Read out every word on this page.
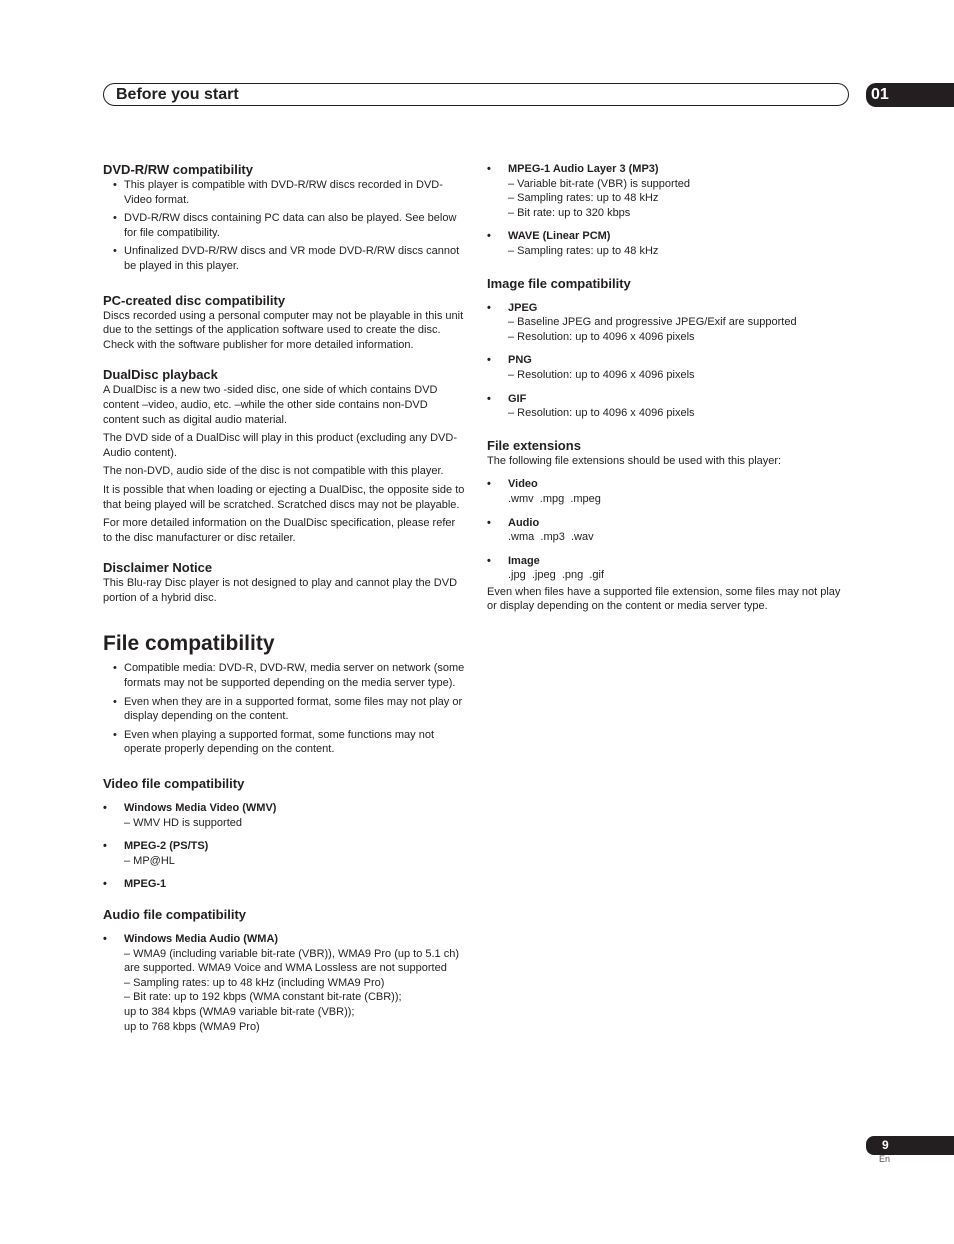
Before you start	01
DVD-R/RW compatibility
• This player is compatible with DVD-R/RW discs recorded in DVD-Video format.
• DVD-R/RW discs containing PC data can also be played. See below for file compatibility.
• Unfinalized DVD-R/RW discs and VR mode DVD-R/RW discs cannot be played in this player.
PC-created disc compatibility

Discs recorded using a personal computer may not be playable in this unit due to the settings of the application software used to create the disc. Check with the software publisher for more detailed information.

DualDisc playback

A DualDisc is a new two -sided disc, one side of which contains DVD content –video, audio, etc. –while the other side contains non-DVD content such as digital audio material.

The DVD side of a DualDisc will play in this product (excluding any DVD-Audio content).

The non-DVD, audio side of the disc is not compatible with this player.

It is possible that when loading or ejecting a DualDisc, the opposite side to that being played will be scratched. Scratched discs may not be playable.

For more detailed information on the DualDisc specification, please refer to the disc manufacturer or disc retailer.

Disclaimer Notice

This Blu-ray Disc player is not designed to play and cannot play the DVD portion of a hybrid disc.

File compatibility
• Compatible media: DVD-R, DVD-RW, media server on network (some formats may not be supported depending on the media server type).
• Even when they are in a supported format, some files may not play or display depending on the content.
• Even when playing a supported format, some functions may not operate properly depending on the content.
Video file compatibility
• Windows Media Video (WMV)
– WMV HD is supported
• MPEG-2 (PS/TS)
– MP@HL
• MPEG-1
Audio file compatibility
• Windows Media Audio (WMA)
– WMA9 (including variable bit-rate (VBR)), WMA9 Pro (up to 5.1 ch) are supported. WMA9 Voice and WMA Lossless are not supported
– Sampling rates: up to 48 kHz (including WMA9 Pro)
– Bit rate: up to 192 kbps (WMA constant bit-rate (CBR));
up to 384 kbps (WMA9 variable bit-rate (VBR));
up to 768 kbps (WMA9 Pro)
• MPEG-1 Audio Layer 3 (MP3)
– Variable bit-rate (VBR) is supported
– Sampling rates: up to 48 kHz
– Bit rate: up to 320 kbps
• WAVE (Linear PCM)
– Sampling rates: up to 48 kHz
Image file compatibility
• JPEG
– Baseline JPEG and progressive JPEG/Exif are supported
– Resolution: up to 4096 x 4096 pixels
• PNG
– Resolution: up to 4096 x 4096 pixels
• GIF
– Resolution: up to 4096 x 4096 pixels
File extensions

The following file extensions should be used with this player:

• Video
.wmv  .mpg  .mpeg
• Audio
.wma  .mp3  .wav
• Image
.jpg  .jpeg  .png  .gif

Even when files have a supported file extension, some files may not play or display depending on the content or media server type.

9
En
